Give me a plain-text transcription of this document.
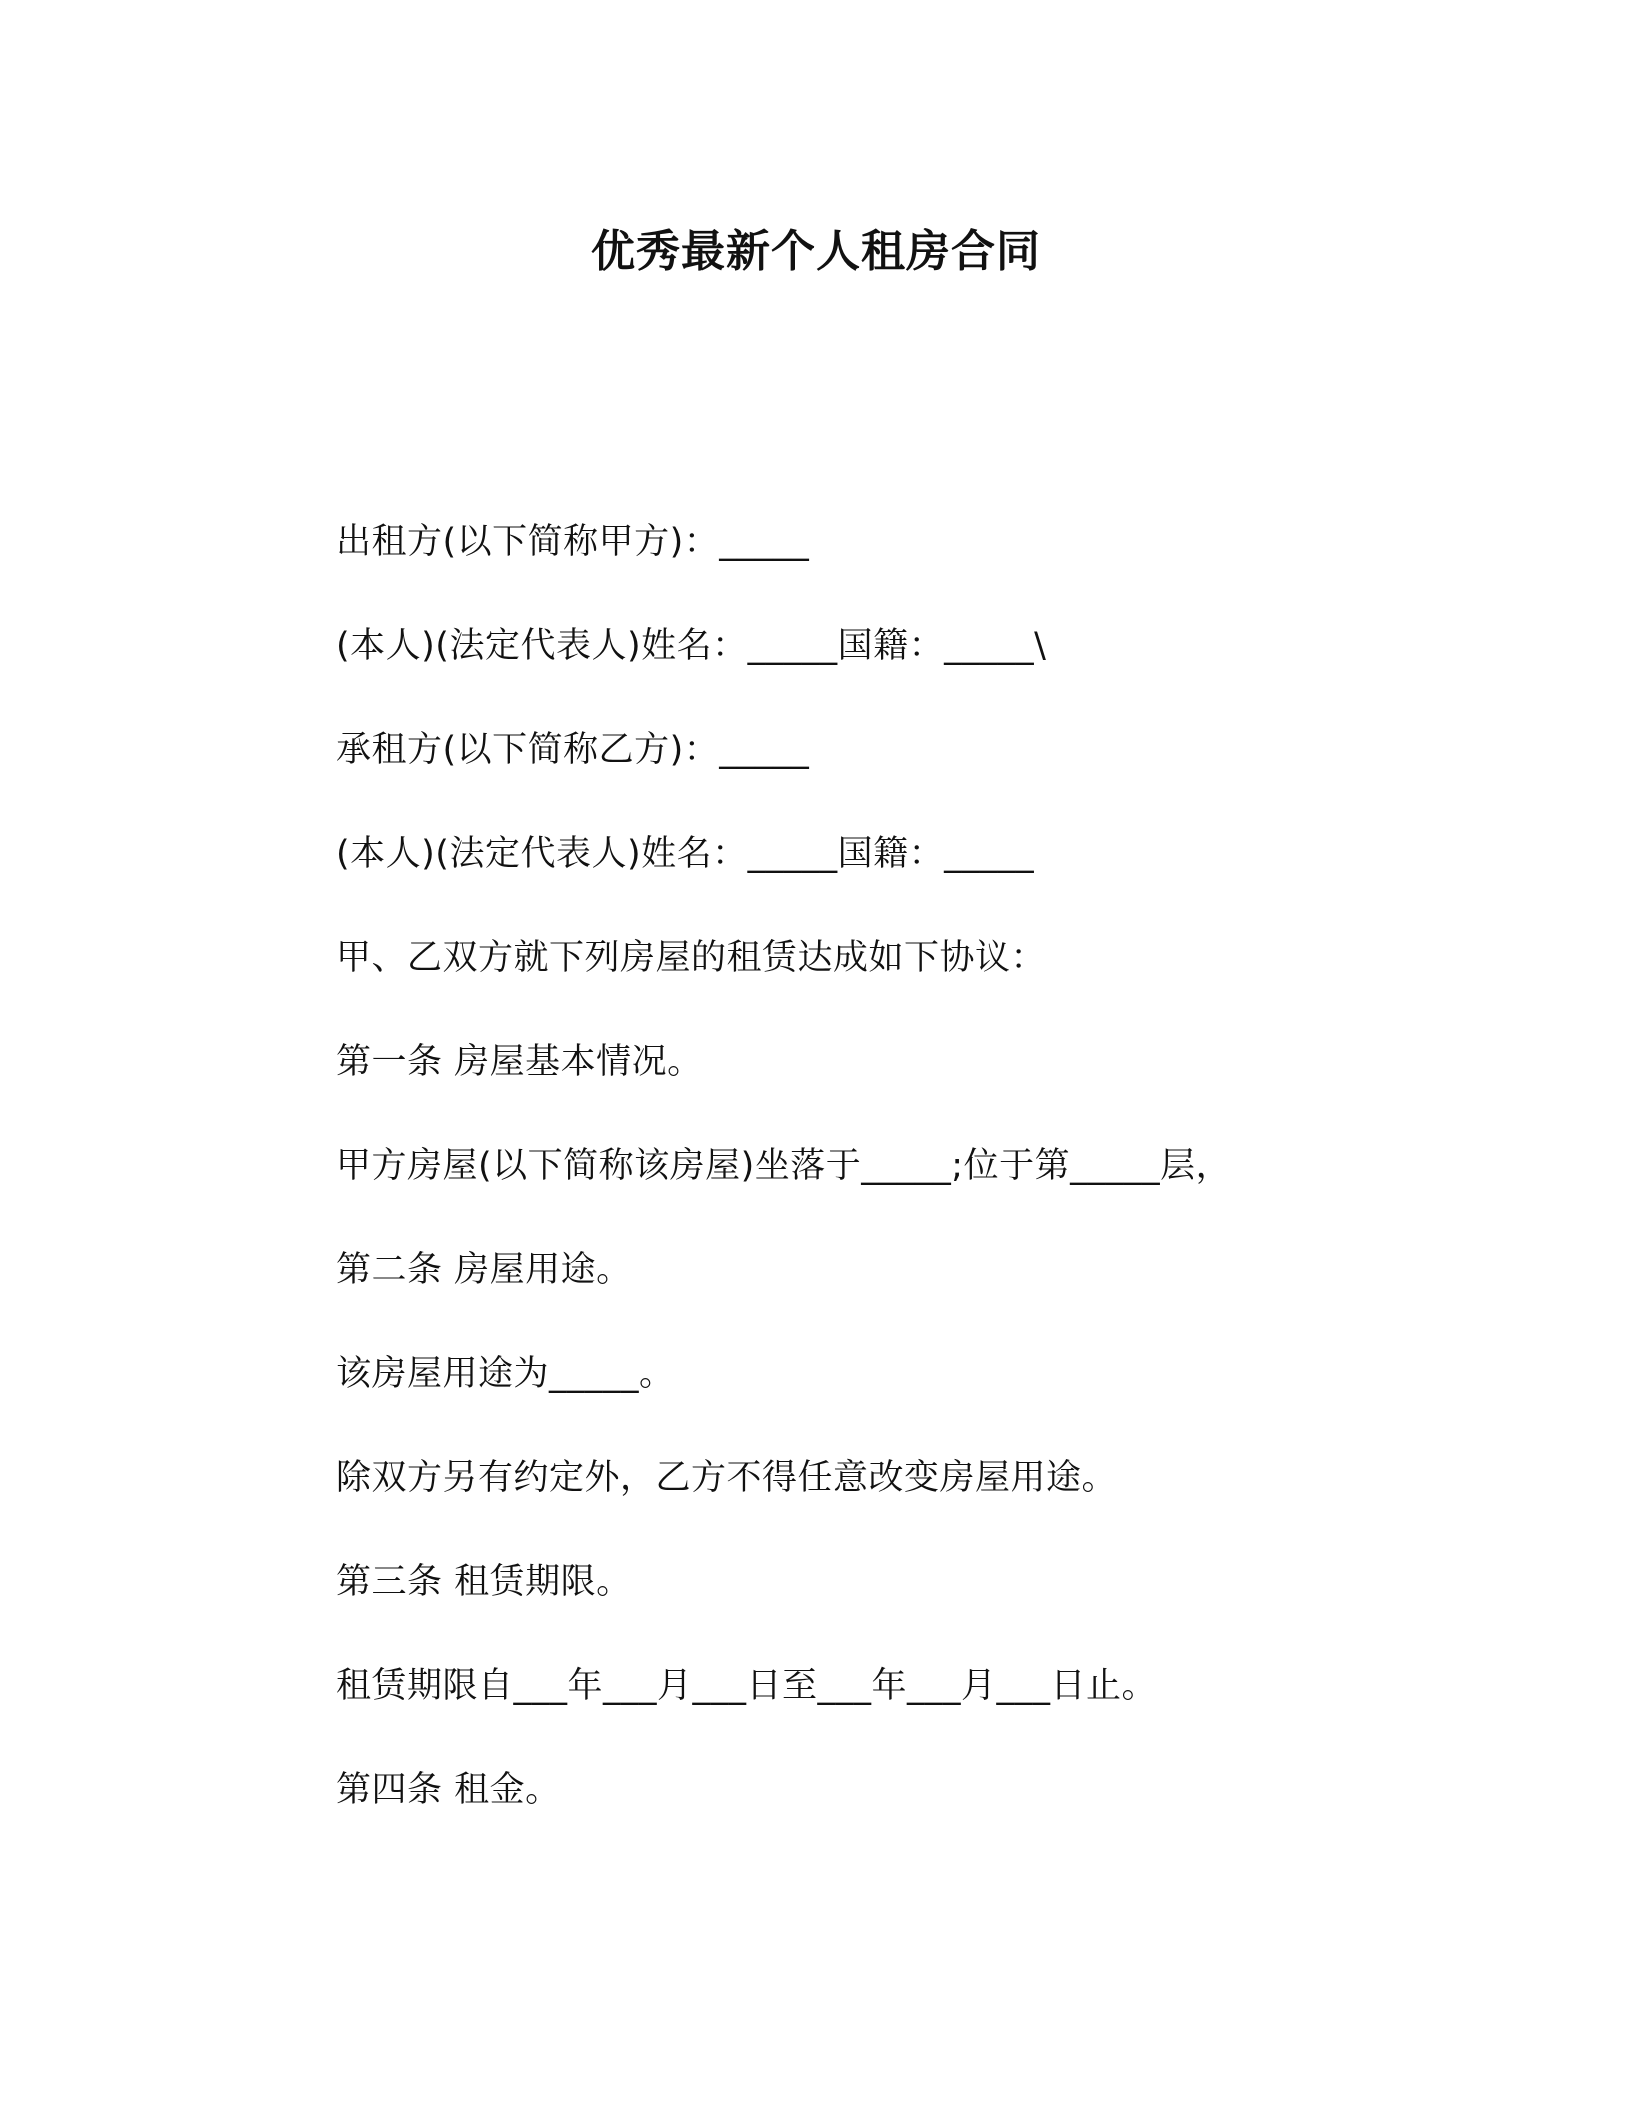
优秀最新个人租房合同
出租方(以下简称甲方)：_____
(本人)(法定代表人)姓名：_____国籍：_____\
承租方(以下简称乙方)：_____
(本人)(法定代表人)姓名：_____国籍：_____
甲、乙双方就下列房屋的租赁达成如下协议：
第一条 房屋基本情况。
甲方房屋(以下简称该房屋)坐落于_____;位于第_____层，
第二条 房屋用途。
该房屋用途为_____。
除双方另有约定外，乙方不得任意改变房屋用途。
第三条 租赁期限。
租赁期限自___年___月___日至___年___月___日止。
第四条 租金。
